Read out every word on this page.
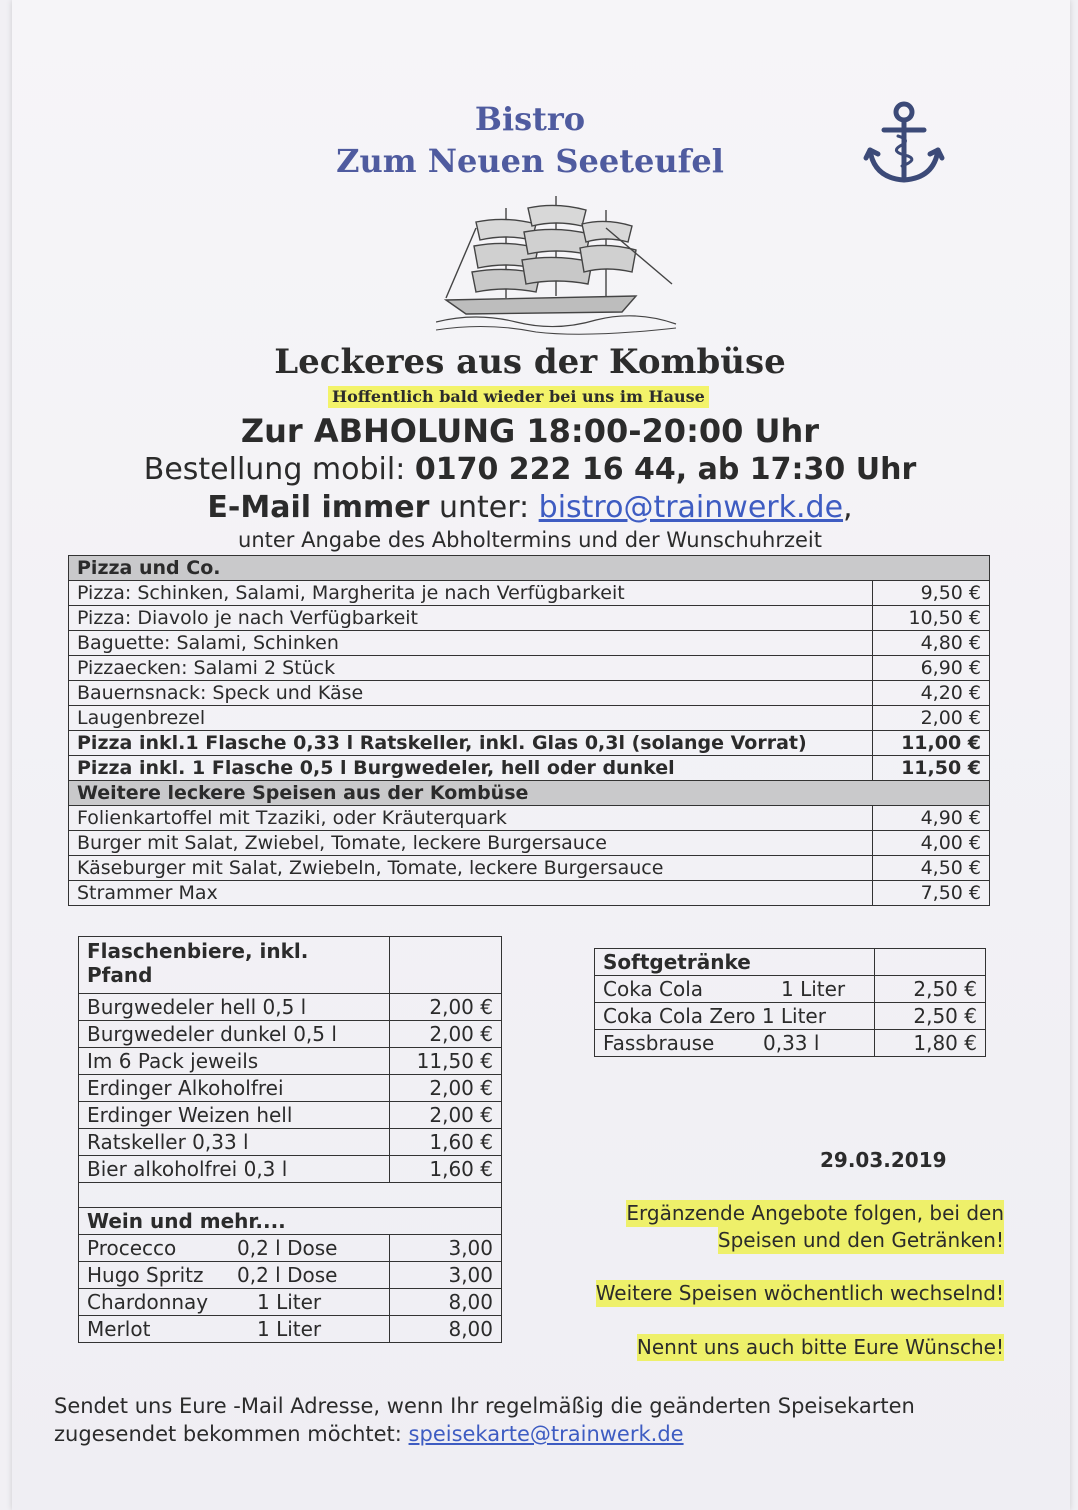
Bistro
Zum Neuen Seeteufel
Leckeres aus der Kombüse
Hoffentlich bald wieder bei uns im Hause
Zur ABHOLUNG 18:00-20:00 Uhr
Bestellung mobil: 0170 222 16 44, ab 17:30 Uhr
E-Mail immer unter: bistro@trainwerk.de,
unter Angabe des Abholtermins und der Wunschuhrzeit
Pizza und Co.	
Pizza: Schinken, Salami, Margherita je nach Verfügbarkeit	9,50 €
Pizza: Diavolo je nach Verfügbarkeit	10,50 €
Baguette: Salami, Schinken	4,80 €
Pizzaecken: Salami 2 Stück	6,90 €
Bauernsnack: Speck und Käse	4,20 €
Laugenbrezel	2,00 €
Pizza inkl.1 Flasche 0,33 l Ratskeller, inkl. Glas 0,3l (solange Vorrat)	11,00 €
Pizza inkl. 1 Flasche 0,5 l Burgwedeler, hell oder dunkel	11,50 €
Weitere leckere Speisen aus der Kombüse	
Folienkartoffel mit Tzaziki, oder Kräuterquark	4,90 €
Burger mit Salat, Zwiebel, Tomate, leckere Burgersauce	4,00 €
Käseburger mit Salat, Zwiebeln, Tomate, leckere Burgersauce	4,50 €
Strammer Max	7,50 €
Flaschenbiere, inkl. Pfand	
Burgwedeler hell 0,5 l	2,00 €
Burgwedeler dunkel 0,5 l	2,00 €
Im 6 Pack jeweils	11,50 €
Erdinger Alkoholfrei	2,00 €
Erdinger Weizen hell	2,00 €
Ratskeller 0,33 l	1,60 €
Bier alkoholfrei 0,3 l	1,60 €

Wein und mehr....	
Procecco 0,2 l Dose	3,00
Hugo Spritz 0,2 l Dose	3,00
Chardonnay 1 Liter	8,00
Merlot 1 Liter	8,00
Softgetränke	
Coka Cola 1 Liter	2,50 €
Coka Cola Zero 1 Liter	2,50 €
Fassbrause 0,33 l	1,80 €
29.03.2019
Ergänzende Angebote folgen, bei den
Speisen und den Getränken!
Weitere Speisen wöchentlich wechselnd!
Nennt uns auch bitte Eure Wünsche!
Sendet uns Eure -Mail Adresse, wenn Ihr regelmäßig die geänderten Speisekarten
zugesendet bekommen möchtet: speisekarte@trainwerk.de
